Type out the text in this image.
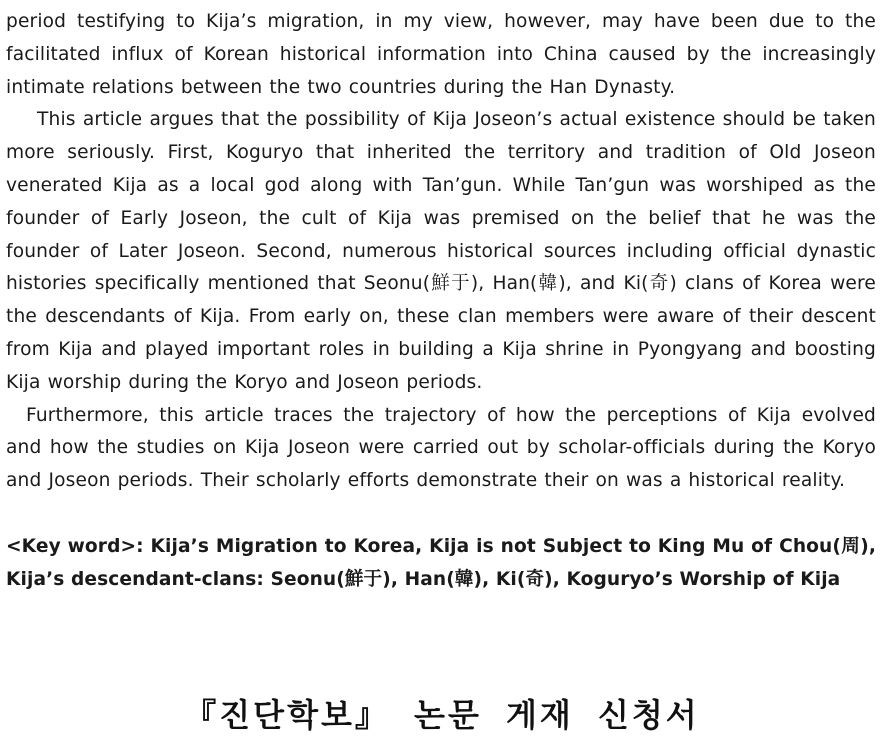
period testifying to Kija’s migration, in my view, however, may have been due to the facilitated influx of Korean historical information into China caused by the increasingly intimate relations between the two countries during the Han Dynasty.

This article argues that the possibility of Kija Joseon’s actual existence should be taken more seriously. First, Koguryo that inherited the territory and tradition of Old Joseon venerated Kija as a local god along with Tan’gun. While Tan’gun was worshiped as the founder of Early Joseon, the cult of Kija was premised on the belief that he was the founder of Later Joseon. Second, numerous historical sources including official dynastic histories specifically mentioned that Seonu(鮮于), Han(韓), and Ki(奇) clans of Korea were the descendants of Kija. From early on, these clan members were aware of their descent from Kija and played important roles in building a Kija shrine in Pyongyang and boosting Kija worship during the Koryo and Joseon periods.

Furthermore, this article traces the trajectory of how the perceptions of Kija evolved and how the studies on Kija Joseon were carried out by scholar-officials during the Koryo and Joseon periods. Their scholarly efforts demonstrate their on was a historical reality.

<Key word>: Kija’s Migration to Korea, Kija is not Subject to King Mu of Chou(周), Kija’s descendant-clans: Seonu(鮮于), Han(韓), Ki(奇), Koguryo’s Worship of Kija

『진단학보』 논문 게재 신청서
